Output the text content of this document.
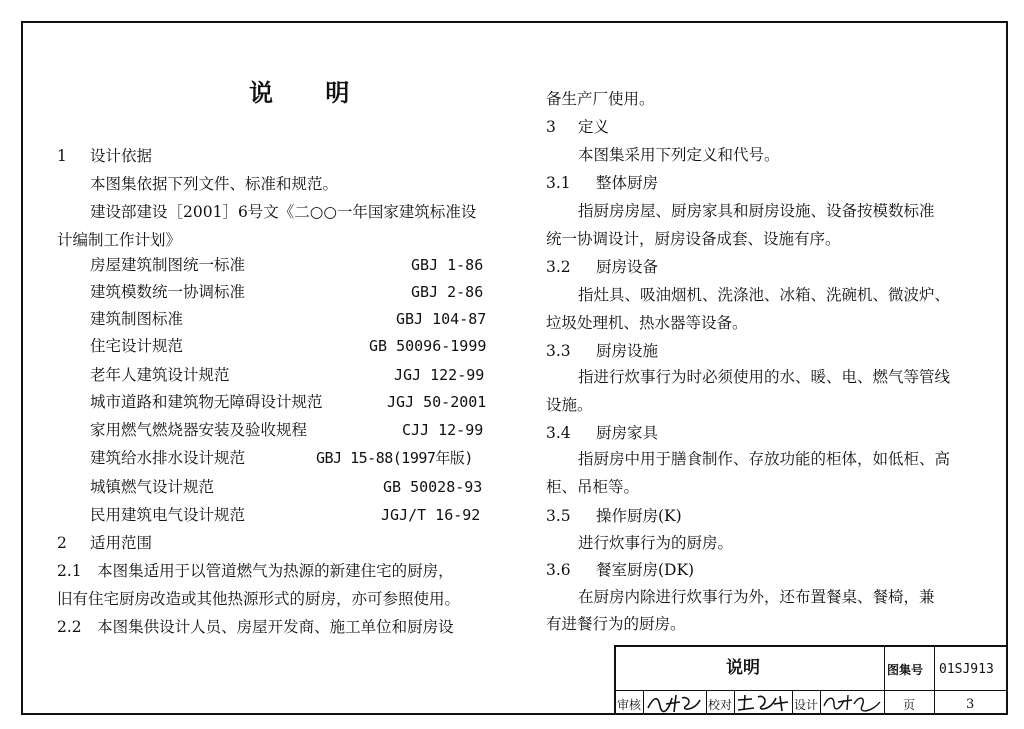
说 明
1 设计依据
本图集依据下列文件、标准和规范。
建设部建设［2001］6号文《二○○一年国家建筑标准设
计编制工作计划》
房屋建筑制图统一标准	GBJ 1-86
建筑模数统一协调标准	GBJ 2-86
建筑制图标准	GBJ 104-87
住宅设计规范	GB 50096-1999
老年人建筑设计规范	JGJ 122-99
城市道路和建筑物无障碍设计规范	JGJ 50-2001
家用燃气燃烧器安装及验收规程	CJJ 12-99
建筑给水排水设计规范	GBJ 15-88(1997年版)
城镇燃气设计规范	GB 50028-93
民用建筑电气设计规范	JGJ/T 16-92
2 适用范围
2.1　本图集适用于以管道燃气为热源的新建住宅的厨房，
旧有住宅厨房改造或其他热源形式的厨房，亦可参照使用。
2.2　本图集供设计人员、房屋开发商、施工单位和厨房设
备生产厂使用。
3 定义
本图集采用下列定义和代号。
3.1 整体厨房
指厨房房屋、厨房家具和厨房设施、设备按模数标准
统一协调设计，厨房设备成套、设施有序。
3.2 厨房设备
指灶具、吸油烟机、洗涤池、冰箱、洗碗机、微波炉、
垃圾处理机、热水器等设备。
3.3 厨房设施
指进行炊事行为时必须使用的水、暖、电、燃气等管线
设施。
3.4 厨房家具
指厨房中用于膳食制作、存放功能的柜体，如低柜、高
柜、吊柜等。
3.5 操作厨房(K)
进行炊事行为的厨房。
3.6 餐室厨房(DK)
在厨房内除进行炊事行为外，还布置餐桌、餐椅，兼
有进餐行为的厨房。
说明	图集号 01SJ913
审核	校对	设计	页	3
